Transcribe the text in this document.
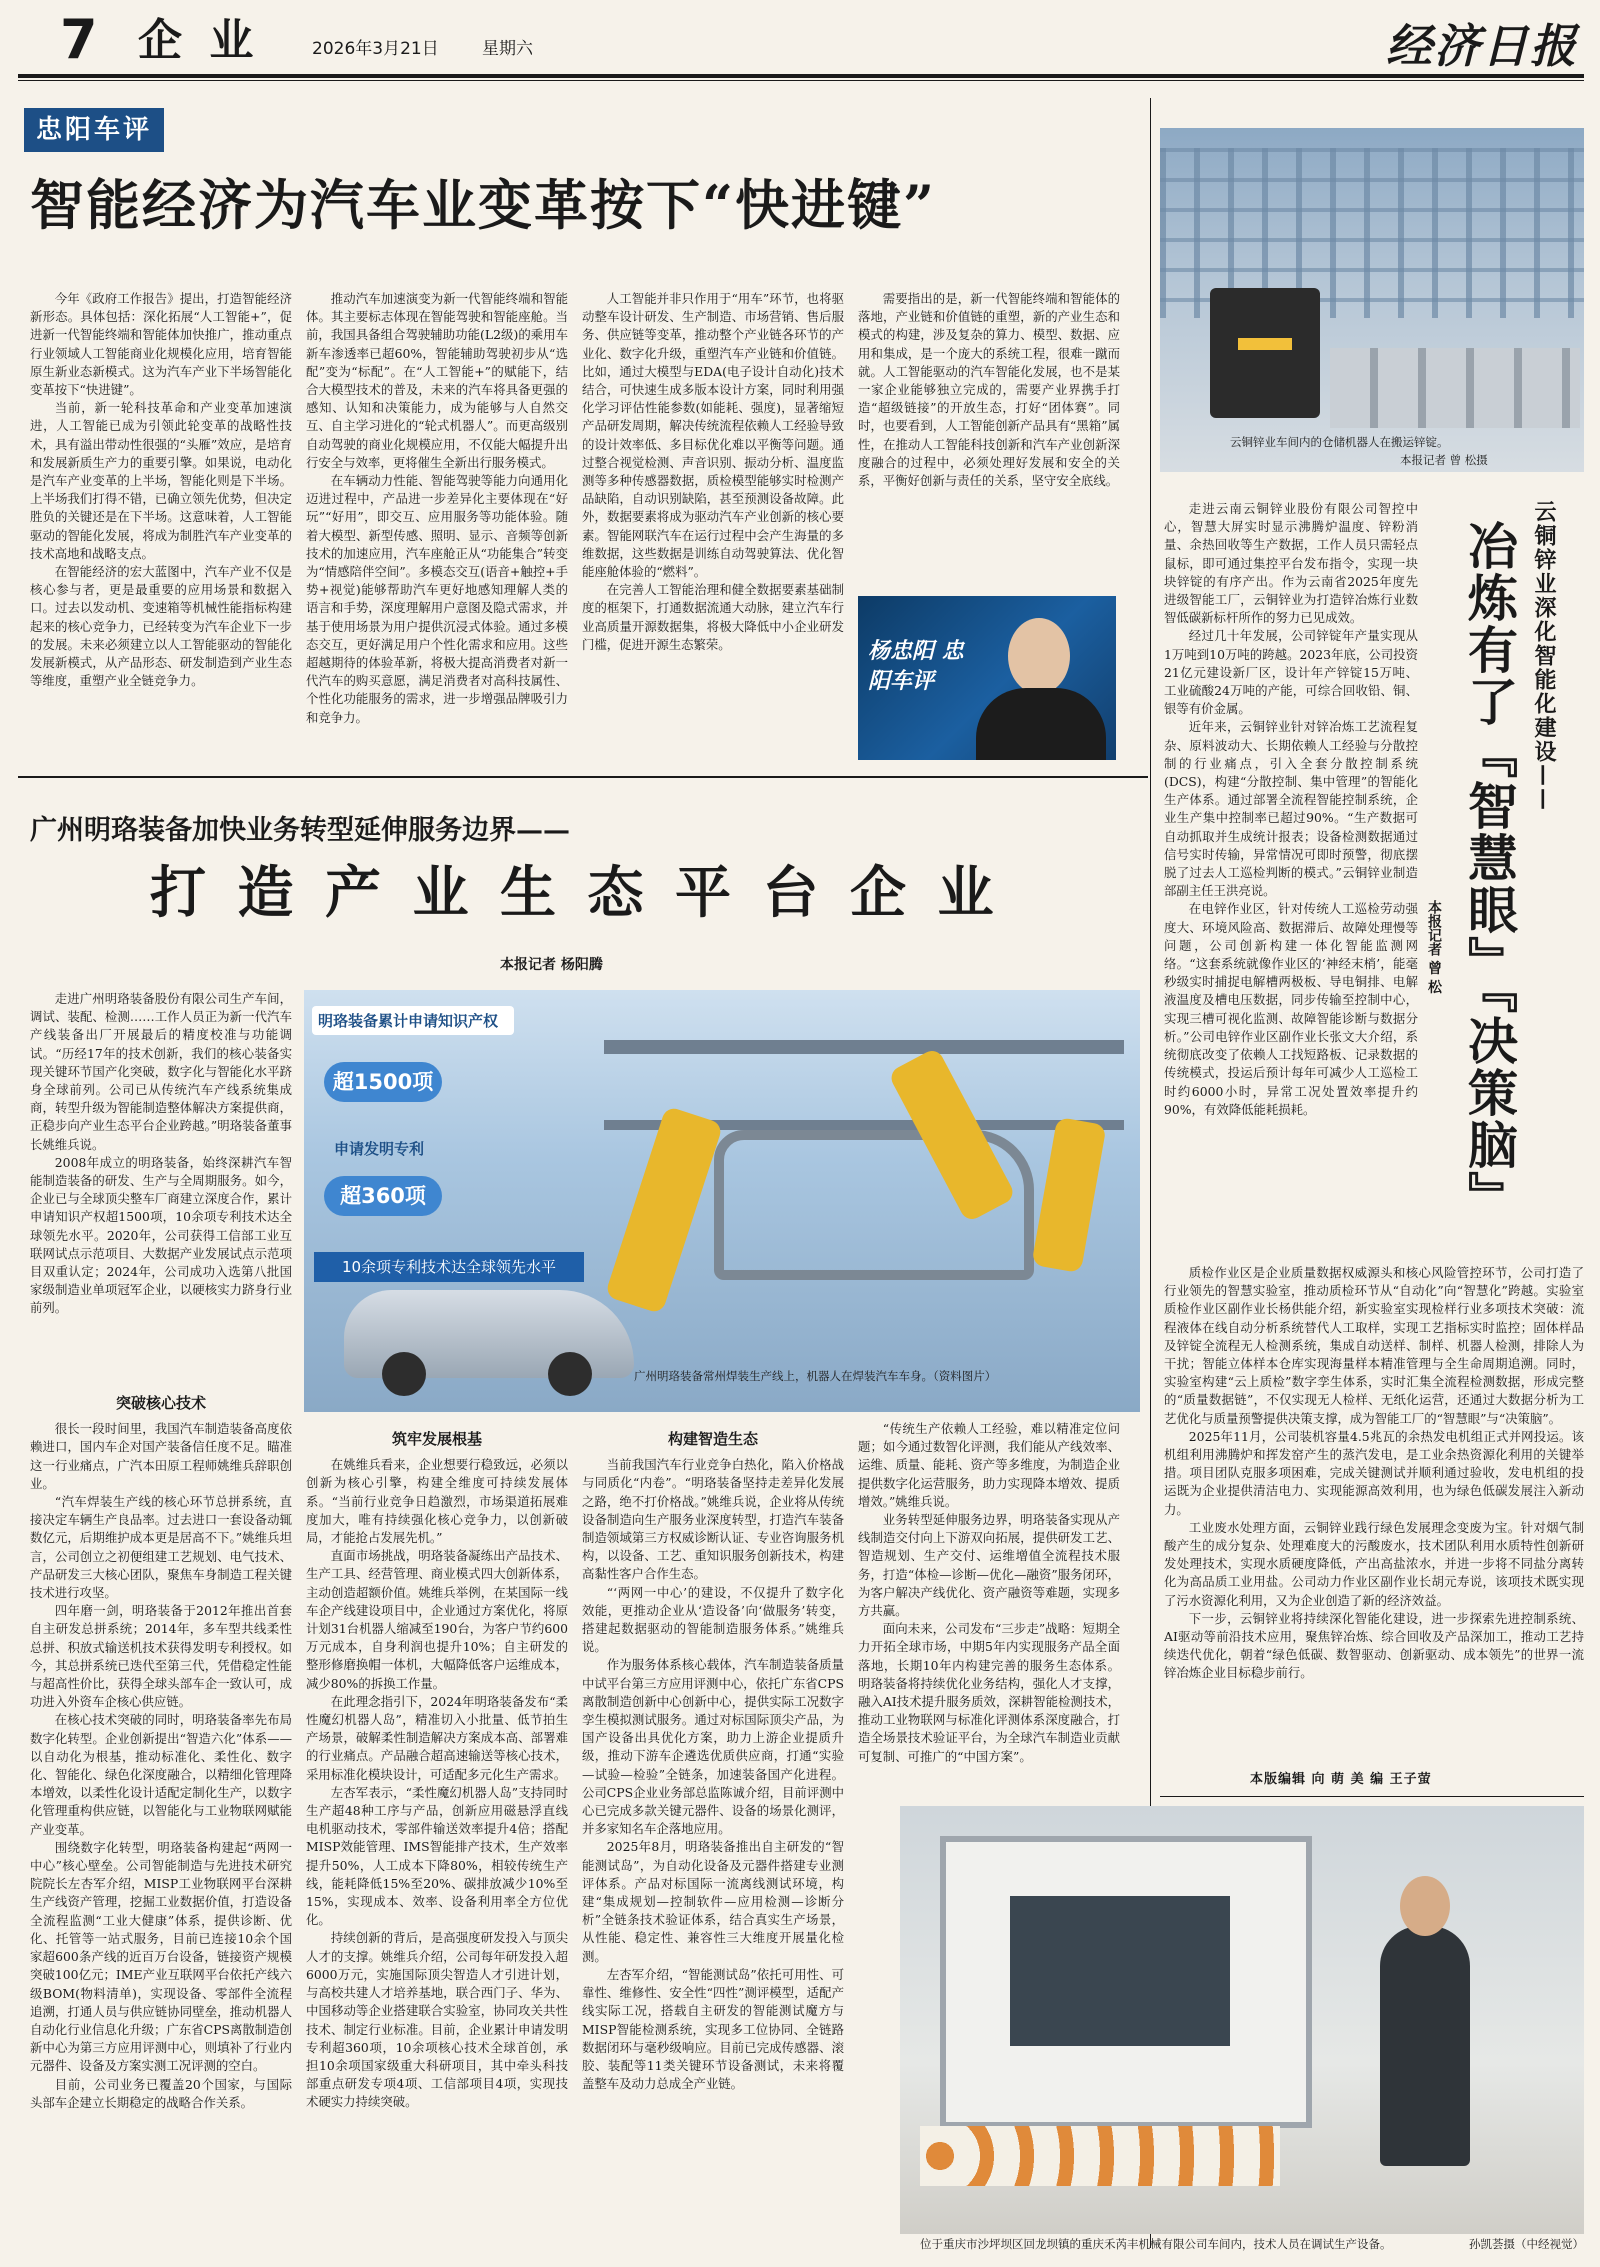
7 企 业	2026年3月21日	星期六	经济日报
忠阳车评
智能经济为汽车业变革按下“快进键”

今年《政府工作报告》提出，打造智能经济新形态。具体包括：深化拓展“人工智能+”，促进新一代智能终端和智能体加快推广，推动重点行业领域人工智能商业化规模化应用，培育智能原生新业态新模式。这为汽车产业下半场智能化变革按下“快进键”。

当前，新一轮科技革命和产业变革加速演进，人工智能已成为引领此轮变革的战略性技术，具有溢出带动性很强的“头雁”效应，是培育和发展新质生产力的重要引擎。如果说，电动化是汽车产业变革的上半场，智能化则是下半场。上半场我们打得不错，已确立领先优势，但决定胜负的关键还是在下半场。这意味着，人工智能驱动的智能化发展，将成为制胜汽车产业变革的技术高地和战略支点。

在智能经济的宏大蓝图中，汽车产业不仅是核心参与者，更是最重要的应用场景和数据入口。过去以发动机、变速箱等机械性能指标构建起来的核心竞争力，已经转变为汽车企业下一步的发展。未来必须建立以人工智能驱动的智能化发展新模式，从产品形态、研发制造到产业生态等维度，重塑产业全链竞争力。

推动汽车加速演变为新一代智能终端和智能体。其主要标志体现在智能驾驶和智能座舱。当前，我国具备组合驾驶辅助功能(L2级)的乘用车新车渗透率已超60%，智能辅助驾驶初步从“选配”变为“标配”。在“人工智能+”的赋能下，结合大模型技术的普及，未来的汽车将具备更强的感知、认知和决策能力，成为能够与人自然交互、自主学习进化的“轮式机器人”。而更高级别自动驾驶的商业化规模应用，不仅能大幅提升出行安全与效率，更将催生全新出行服务模式。

在车辆动力性能、智能驾驶等能力向通用化迈进过程中，产品进一步差异化主要体现在“好玩”“好用”，即交互、应用服务等功能体验。随着大模型、新型传感、照明、显示、音频等创新技术的加速应用，汽车座舱正从“功能集合”转变为“情感陪伴空间”。多模态交互(语音+触控+手势+视觉)能够帮助汽车更好地感知理解人类的语言和手势，深度理解用户意图及隐式需求，并基于使用场景为用户提供沉浸式体验。通过多模态交互，更好满足用户个性化需求和应用。这些超越期待的体验革新，将极大提高消费者对新一代汽车的购买意愿，满足消费者对高科技属性、个性化功能服务的需求，进一步增强品牌吸引力和竞争力。

人工智能并非只作用于“用车”环节，也将驱动整车设计研发、生产制造、市场营销、售后服务、供应链等变革，推动整个产业链各环节的产业化、数字化升级，重塑汽车产业链和价值链。比如，通过大模型与EDA(电子设计自动化)技术结合，可快速生成多版本设计方案，同时利用强化学习评估性能参数(如能耗、强度)，显著缩短产品研发周期，解决传统流程依赖人工经验导致的设计效率低、多目标优化难以平衡等问题。通过整合视觉检测、声音识别、振动分析、温度监测等多种传感器数据，质检模型能够实时检测产品缺陷，自动识别缺陷，甚至预测设备故障。此外，数据要素将成为驱动汽车产业创新的核心要素。智能网联汽车在运行过程中会产生海量的多维数据，这些数据是训练自动驾驶算法、优化智能座舱体验的“燃料”。

在完善人工智能治理和健全数据要素基础制度的框架下，打通数据流通大动脉，建立汽车行业高质量开源数据集，将极大降低中小企业研发门槛，促进开源生态繁荣。

需要指出的是，新一代智能终端和智能体的落地，产业链和价值链的重塑，新的产业生态和模式的构建，涉及复杂的算力、模型、数据、应用和集成，是一个庞大的系统工程，很难一蹴而就。人工智能驱动的汽车智能化发展，也不是某一家企业能够独立完成的，需要产业界携手打造“超级链接”的开放生态，打好“团体赛”。同时，也要看到，人工智能创新产品具有“黑箱”属性，在推动人工智能科技创新和汽车产业创新深度融合的过程中，必须处理好发展和安全的关系，平衡好创新与责任的关系，坚守安全底线。

杨忠阳 忠阳车评
广州明珞装备加快业务转型延伸服务边界——
打 造 产 业 生 态 平 台 企 业
本报记者 杨阳腾

走进广州明珞装备股份有限公司生产车间，调试、装配、检测……工作人员正为新一代汽车产线装备出厂开展最后的精度校准与功能调试。“历经17年的技术创新，我们的核心装备实现关键环节国产化突破，数字化与智能化水平跻身全球前列。公司已从传统汽车产线系统集成商，转型升级为智能制造整体解决方案提供商，正稳步向产业生态平台企业跨越。”明珞装备董事长姚维兵说。

2008年成立的明珞装备，始终深耕汽车智能制造装备的研发、生产与全周期服务。如今，企业已与全球顶尖整车厂商建立深度合作，累计申请知识产权超1500项，10余项专利技术达全球领先水平。2020年，公司获得工信部工业互联网试点示范项目、大数据产业发展试点示范项目双重认定；2024年，公司成功入选第八批国家级制造业单项冠军企业，以硬核实力跻身行业前列。

明珞装备累计申请知识产权
超1500项
申请发明专利
超360项
10余项专利技术达全球领先水平
广州明珞装备常州焊装生产线上，机器人在焊装汽车车身。（资料图片）
突破核心技术

很长一段时间里，我国汽车制造装备高度依赖进口，国内车企对国产装备信任度不足。瞄准这一行业痛点，广汽本田原工程师姚维兵辞职创业。

“汽车焊装生产线的核心环节总拼系统，直接决定车辆生产良品率。过去进口一套设备动辄数亿元，后期维护成本更是居高不下。”姚维兵坦言，公司创立之初便组建工艺规划、电气技术、产品研发三大核心团队，聚焦车身制造工程关键技术进行攻坚。

四年磨一剑，明珞装备于2012年推出首套自主研发总拼系统；2014年，多车型共线柔性总拼、积放式输送机技术获得发明专利授权。如今，其总拼系统已迭代至第三代，凭借稳定性能与超高性价比，获得全球头部车企一致认可，成功进入外资车企核心供应链。

在核心技术突破的同时，明珞装备率先布局数字化转型。企业创新提出“智造六化”体系——以自动化为根基，推动标准化、柔性化、数字化、智能化、绿色化深度融合，以精细化管理降本增效，以柔性化设计适配定制化生产，以数字化管理重构供应链，以智能化与工业物联网赋能产业变革。

围绕数字化转型，明珞装备构建起“两网一中心”核心壁垒。公司智能制造与先进技术研究院院长左杏军介绍，MISP工业物联网平台深耕生产线资产管理，挖掘工业数据价值，打造设备全流程监测“工业大健康”体系，提供诊断、优化、托管等一站式服务，目前已连接10余个国家超600条产线的近百万台设备，链接资产规模突破100亿元；IME产业互联网平台依托产线六级BOM(物料清单)，实现设备、零部件全流程追溯，打通人员与供应链协同壁垒，推动机器人自动化行业信息化升级；广东省CPS离散制造创新中心为第三方应用评测中心，则填补了行业内元器件、设备及方案实测工况评测的空白。

目前，公司业务已覆盖20个国家，与国际头部车企建立长期稳定的战略合作关系。

筑牢发展根基

在姚维兵看来，企业想要行稳致远，必须以创新为核心引擎，构建全维度可持续发展体系。“当前行业竞争日趋激烈，市场渠道拓展难度加大，唯有持续强化核心竞争力，以创新破局，才能抢占发展先机。”

直面市场挑战，明珞装备凝练出产品技术、生产工具、经营管理、商业模式四大创新体系，主动创造超额价值。姚维兵举例，在某国际一线车企产线建设项目中，企业通过方案优化，将原计划31台机器人缩减至190台，为客户节约600万元成本，自身利润也提升10%；自主研发的整形修磨换帽一体机，大幅降低客户运维成本，减少80%的拆换工作量。

在此理念指引下，2024年明珞装备发布“柔性魔幻机器人岛”，精准切入小批量、低节拍生产场景，破解柔性制造解决方案成本高、部署难的行业痛点。产品融合超高速输送等核心技术，采用标准化模块设计，可适配多元化生产需求。

左杏军表示，“柔性魔幻机器人岛”支持同时生产超48种工序与产品，创新应用磁悬浮直线电机驱动技术，零部件输送效率提升4倍；搭配MISP效能管理、IMS智能排产技术，生产效率提升50%，人工成本下降80%，相较传统生产线，能耗降低15%至20%、碳排放减少10%至15%，实现成本、效率、设备利用率全方位优化。

持续创新的背后，是高强度研发投入与顶尖人才的支撑。姚维兵介绍，公司每年研发投入超6000万元，实施国际顶尖智造人才引进计划，与高校共建人才培养基地，联合西门子、华为、中国移动等企业搭建联合实验室，协同攻关共性技术、制定行业标准。目前，企业累计申请发明专利超360项，10余项核心技术全球首创，承担10余项国家级重大科研项目，其中牵头科技部重点研发专项4项、工信部项目4项，实现技术硬实力持续突破。

构建智造生态

当前我国汽车行业竞争白热化，陷入价格战与同质化“内卷”。“明珞装备坚持走差异化发展之路，绝不打价格战。”姚维兵说，企业将从传统设备制造向生产服务业深度转型，打造汽车装备制造领域第三方权威诊断认证、专业咨询服务机构，以设备、工艺、重知识服务创新技术，构建高黏性客户合作生态。

“‘两网一中心’的建设，不仅提升了数字化效能，更推动企业从‘造设备’向‘做服务’转变，搭建起数据驱动的智能制造服务体系。”姚维兵说。

作为服务体系核心载体，汽车制造装备质量中试平台第三方应用评测中心，依托广东省CPS离散制造创新中心创新中心，提供实际工况数字孪生模拟测试服务。通过对标国际顶尖产品，为国产设备出具优化方案，助力上游企业提质升级，推动下游车企遴选优质供应商，打通“实验—试验—检验”全链条，加速装备国产化进程。公司CPS企业业务部总监陈诚介绍，目前评测中心已完成多款关键元器件、设备的场景化测评，并多家知名车企落地应用。

2025年8月，明珞装备推出自主研发的“智能测试岛”，为自动化设备及元器件搭建专业测评体系。产品对标国际一流离线测试环境，构建“集成规划—控制软件—应用检测—诊断分析”全链条技术验证体系，结合真实生产场景，从性能、稳定性、兼容性三大维度开展量化检测。

左杏军介绍，“智能测试岛”依托可用性、可靠性、维修性、安全性“四性”测评模型，适配产线实际工况，搭载自主研发的智能测试魔方与MISP智能检测系统，实现多工位协同、全链路数据闭环与毫秒级响应。目前已完成传感器、滚胶、装配等11类关键环节设备测试，未来将覆盖整车及动力总成全产业链。

“传统生产依赖人工经验，难以精准定位问题；如今通过数智化评测，我们能从产线效率、运维、质量、能耗、资产等多维度，为制造企业提供数字化运营服务，助力实现降本增效、提质增效。”姚维兵说。

业务转型延伸服务边界，明珞装备实现从产线制造交付向上下游双向拓展，提供研发工艺、智造规划、生产交付、运维增值全流程技术服务，打造“体检—诊断—优化—融资”服务闭环，为客户解决产线优化、资产融资等难题，实现多方共赢。

面向未来，公司发布“三步走”战略：短期全力开拓全球市场，中期5年内实现服务产品全面落地，长期10年内构建完善的服务生态体系。明珞装备将持续优化业务结构，强化人才支撑，融入AI技术提升服务质效，深耕智能检测技术，推动工业物联网与标准化评测体系深度融合，打造全场景技术验证平台，为全球汽车制造业贡献可复制、可推广的“中国方案”。

云铜锌业车间内的仓储机器人在搬运锌锭。
本报记者 曾 松摄
云铜锌业深化智能化建设——
冶炼有了『智慧眼』『决策脑』
本报记者 曾 松

走进云南云铜锌业股份有限公司智控中心，智慧大屏实时显示沸腾炉温度、锌粉消量、余热回收等生产数据，工作人员只需轻点鼠标，即可通过集控平台发布指令，实现一块块锌锭的有序产出。作为云南省2025年度先进级智能工厂，云铜锌业为打造锌冶炼行业数智低碳新标杆所作的努力已见成效。

经过几十年发展，公司锌锭年产量实现从1万吨到10万吨的跨越。2023年底，公司投资21亿元建设新厂区，设计年产锌锭15万吨、工业硫酸24万吨的产能，可综合回收铅、铜、银等有价金属。

近年来，云铜锌业针对锌冶炼工艺流程复杂、原料波动大、长期依赖人工经验与分散控制的行业痛点，引入全套分散控制系统(DCS)，构建“分散控制、集中管理”的智能化生产体系。通过部署全流程智能控制系统，企业生产集中控制率已超过90%。“生产数据可自动抓取并生成统计报表；设备检测数据通过信号实时传输，异常情况可即时预警，彻底摆脱了过去人工巡检判断的模式。”云铜锌业制造部副主任王洪亮说。

在电锌作业区，针对传统人工巡检劳动强度大、环境风险高、数据滞后、故障处理慢等问题，公司创新构建一体化智能监测网络。“这套系统就像作业区的‘神经末梢’，能毫秒级实时捕捉电解槽两极板、导电铜排、电解液温度及槽电压数据，同步传输至控制中心，实现三槽可视化监测、故障智能诊断与数据分析。”公司电锌作业区副作业长张文大介绍，系统彻底改变了依赖人工找短路板、记录数据的传统模式，投运后预计每年可减少人工巡检工时约6000小时，异常工况处置效率提升约90%，有效降低能耗损耗。

质检作业区是企业质量数据权威源头和核心风险管控环节，公司打造了行业领先的智慧实验室，推动质检环节从“自动化”向“智慧化”跨越。实验室质检作业区副作业长杨供能介绍，新实验室实现检样行业多项技术突破：流程液体在线自动分析系统替代人工取样，实现工艺指标实时监控；固体样品及锌锭全流程无人检测系统，集成自动送样、制样、机器人检测，排除人为干扰；智能立体样本仓库实现海量样本精准管理与全生命周期追溯。同时，实验室构建“云上质检”数字孪生体系，实时汇集全流程检测数据，形成完整的“质量数据链”，不仅实现无人检样、无纸化运营，还通过大数据分析为工艺优化与质量预警提供决策支撑，成为智能工厂的“智慧眼”与“决策脑”。

2025年11月，公司装机容量4.5兆瓦的余热发电机组正式并网投运。该机组利用沸腾炉和挥发窑产生的蒸汽发电，是工业余热资源化利用的关键举措。项目团队克服多项困难，完成关键测试并顺利通过验收，发电机组的投运既为企业提供清洁电力、实现能源高效利用，也为绿色低碳发展注入新动力。

工业废水处理方面，云铜锌业践行绿色发展理念变废为宝。针对烟气制酸产生的成分复杂、处理难度大的污酸废水，技术团队利用水质特性创新研发处理技术，实现水质硬度降低，产出高盐浓水，并进一步将不同盐分离转化为高品质工业用盐。公司动力作业区副作业长胡元寿说，该项技术既实现了污水资源化利用，又为企业创造了新的经济效益。

下一步，云铜锌业将持续深化智能化建设，进一步探索先进控制系统、AI驱动等前沿技术应用，聚焦锌冶炼、综合回收及产品深加工，推动工艺持续迭代优化，朝着“绿色低碳、数智驱动、创新驱动、成本领先”的世界一流锌冶炼企业目标稳步前行。

本版编辑 向 萌 美 编 王子萤
位于重庆市沙坪坝区回龙坝镇的重庆禾芮丰机械有限公司车间内，技术人员在调试生产设备。	孙凯荟摄（中经视觉）
